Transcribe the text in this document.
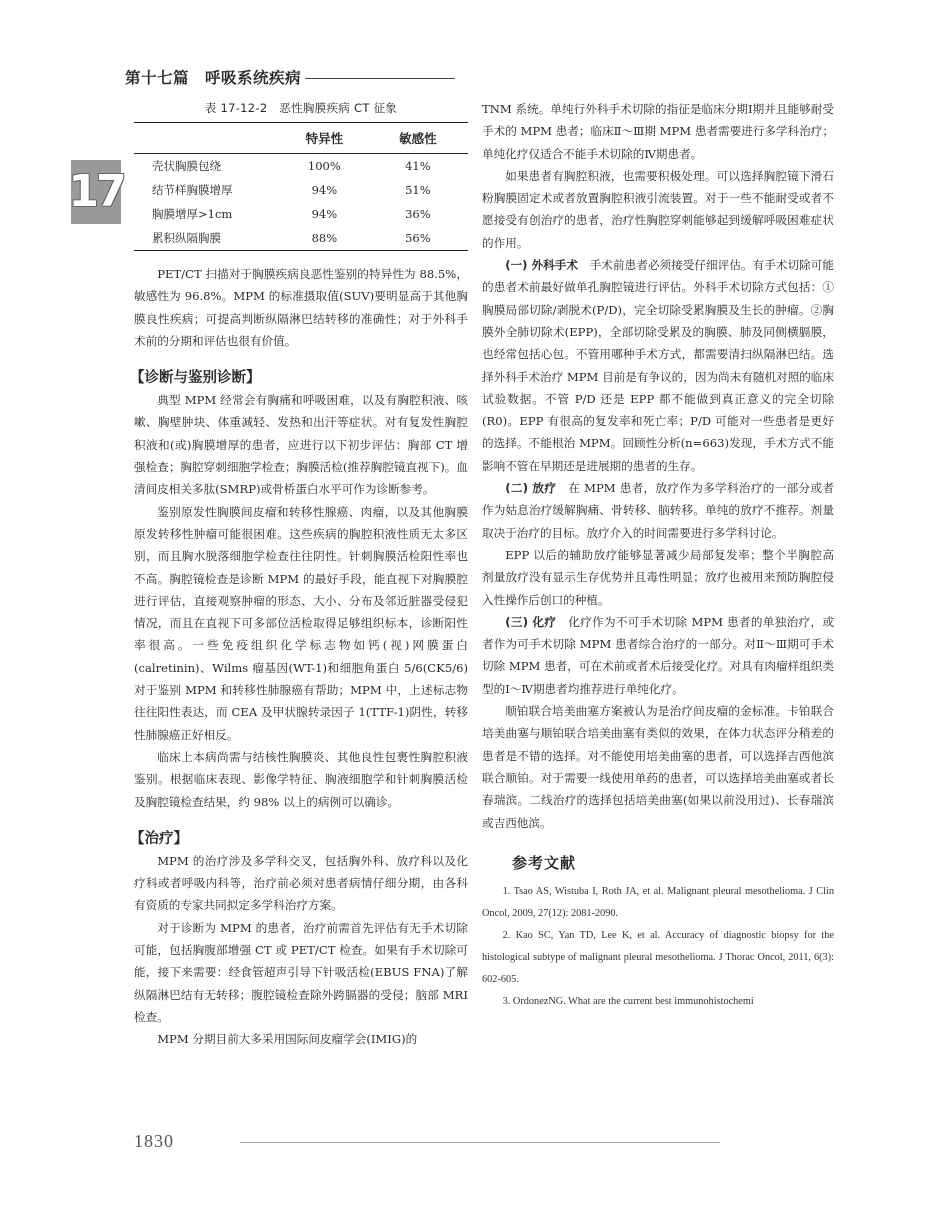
第十七篇　呼吸系统疾病
17
表 17-12-2　恶性胸膜疾病 CT 征象
	特异性	敏感性
壳状胸膜包绕	100%	41%
结节样胸膜增厚	94%	51%
胸膜增厚>1cm	94%	36%
累积纵隔胸膜	88%	56%

PET/CT 扫描对于胸膜疾病良恶性鉴别的特异性为 88.5%，敏感性为 96.8%。MPM 的标准摄取值(SUV)要明显高于其他胸膜良性疾病；可提高判断纵隔淋巴结转移的准确性；对于外科手术前的分期和评估也很有价值。

【诊断与鉴别诊断】

典型 MPM 经常会有胸痛和呼吸困难，以及有胸腔积液、咳嗽、胸壁肿块、体重减轻、发热和出汗等症状。对有复发性胸腔积液和(或)胸膜增厚的患者，应进行以下初步评估：胸部 CT 增强检查；胸腔穿刺细胞学检查；胸膜活检(推荐胸腔镜直视下)。血清间皮相关多肽(SMRP)或骨桥蛋白水平可作为诊断参考。

鉴别原发性胸膜间皮瘤和转移性腺癌、肉瘤，以及其他胸膜原发转移性肿瘤可能很困难。这些疾病的胸腔积液性质无太多区别，而且胸水脱落细胞学检查往往阴性。针刺胸膜活检阳性率也不高。胸腔镜检查是诊断 MPM 的最好手段，能直视下对胸膜腔进行评估，直接观察肿瘤的形态、大小、分布及邻近脏器受侵犯情况，而且在直视下可多部位活检取得足够组织标本，诊断阳性率很高。一些免疫组织化学标志物如钙(视)网膜蛋白(calretinin)、Wilms 瘤基因(WT-1)和细胞角蛋白 5/6(CK5/6)对于鉴别 MPM 和转移性肺腺癌有帮助；MPM 中，上述标志物往往阳性表达，而 CEA 及甲状腺转录因子 1(TTF-1)阴性，转移性肺腺癌正好相反。

临床上本病尚需与结核性胸膜炎、其他良性包裹性胸腔积液鉴别。根据临床表现、影像学特征、胸液细胞学和针刺胸膜活检及胸腔镜检查结果，约 98% 以上的病例可以确诊。

【治疗】

MPM 的治疗涉及多学科交叉，包括胸外科、放疗科以及化疗科或者呼吸内科等，治疗前必须对患者病情仔细分期，由各科有资质的专家共同拟定多学科治疗方案。

对于诊断为 MPM 的患者，治疗前需首先评估有无手术切除可能，包括胸腹部增强 CT 或 PET/CT 检查。如果有手术切除可能，接下来需要：经食管超声引导下针吸活检(EBUS FNA)了解纵隔淋巴结有无转移；腹腔镜检查除外跨膈器的受侵；脑部 MRI 检查。

MPM 分期目前大多采用国际间皮瘤学会(IMIG)的

TNM 系统。单纯行外科手术切除的指征是临床分期Ⅰ期并且能够耐受手术的 MPM 患者；临床Ⅱ～Ⅲ期 MPM 患者需要进行多学科治疗；单纯化疗仅适合不能手术切除的Ⅳ期患者。

如果患者有胸腔积液，也需要积极处理。可以选择胸腔镜下滑石粉胸膜固定术或者放置胸腔积液引流装置。对于一些不能耐受或者不愿接受有创治疗的患者，治疗性胸腔穿刺能够起到缓解呼吸困难症状的作用。

(一) 外科手术　手术前患者必须接受仔细评估。有手术切除可能的患者术前最好做单孔胸腔镜进行评估。外科手术切除方式包括：①胸膜局部切除/剥脱术(P/D)，完全切除受累胸膜及生长的肿瘤。②胸膜外全肺切除术(EPP)，全部切除受累及的胸膜、肺及同侧横膈膜，也经常包括心包。不管用哪种手术方式，都需要清扫纵隔淋巴结。选择外科手术治疗 MPM 目前是有争议的，因为尚未有随机对照的临床试验数据。不管 P/D 还是 EPP 都不能做到真正意义的完全切除(R0)。EPP 有很高的复发率和死亡率；P/D 可能对一些患者是更好的选择。不能根治 MPM。回顾性分析(n=663)发现，手术方式不能影响不管在早期还是进展期的患者的生存。

(二) 放疗　在 MPM 患者，放疗作为多学科治疗的一部分或者作为姑息治疗缓解胸痛、骨转移、脑转移。单纯的放疗不推荐。剂量取决于治疗的目标。放疗介入的时间需要进行多学科讨论。

EPP 以后的辅助放疗能够显著减少局部复发率；整个半胸腔高剂量放疗没有显示生存优势并且毒性明显；放疗也被用来预防胸腔侵入性操作后创口的种植。

(三) 化疗　化疗作为不可手术切除 MPM 患者的单独治疗，或者作为可手术切除 MPM 患者综合治疗的一部分。对Ⅱ～Ⅲ期可手术切除 MPM 患者，可在术前或者术后接受化疗。对具有肉瘤样组织类型的Ⅰ～Ⅳ期患者均推荐进行单纯化疗。

顺铂联合培美曲塞方案被认为是治疗间皮瘤的金标准。卡铂联合培美曲塞与顺铂联合培美曲塞有类似的效果，在体力状态评分稍差的患者是不错的选择。对不能使用培美曲塞的患者，可以选择吉西他滨联合顺铂。对于需要一线使用单药的患者，可以选择培美曲塞或者长春瑞滨。二线治疗的选择包括培美曲塞(如果以前没用过)、长春瑞滨或吉西他滨。

参考文献

1. Tsao AS, Wistuba I, Roth JA, et al. Malignant pleural mesothelioma. J Clin Oncol, 2009, 27(12): 2081-2090.

2. Kao SC, Yan TD, Lee K, et al. Accuracy of diagnostic biopsy for the histological subtype of malignant pleural mesothelioma. J Thorac Oncol, 2011, 6(3): 602-605.

3. OrdonezNG. What are the current best immunohistochemi

1830
